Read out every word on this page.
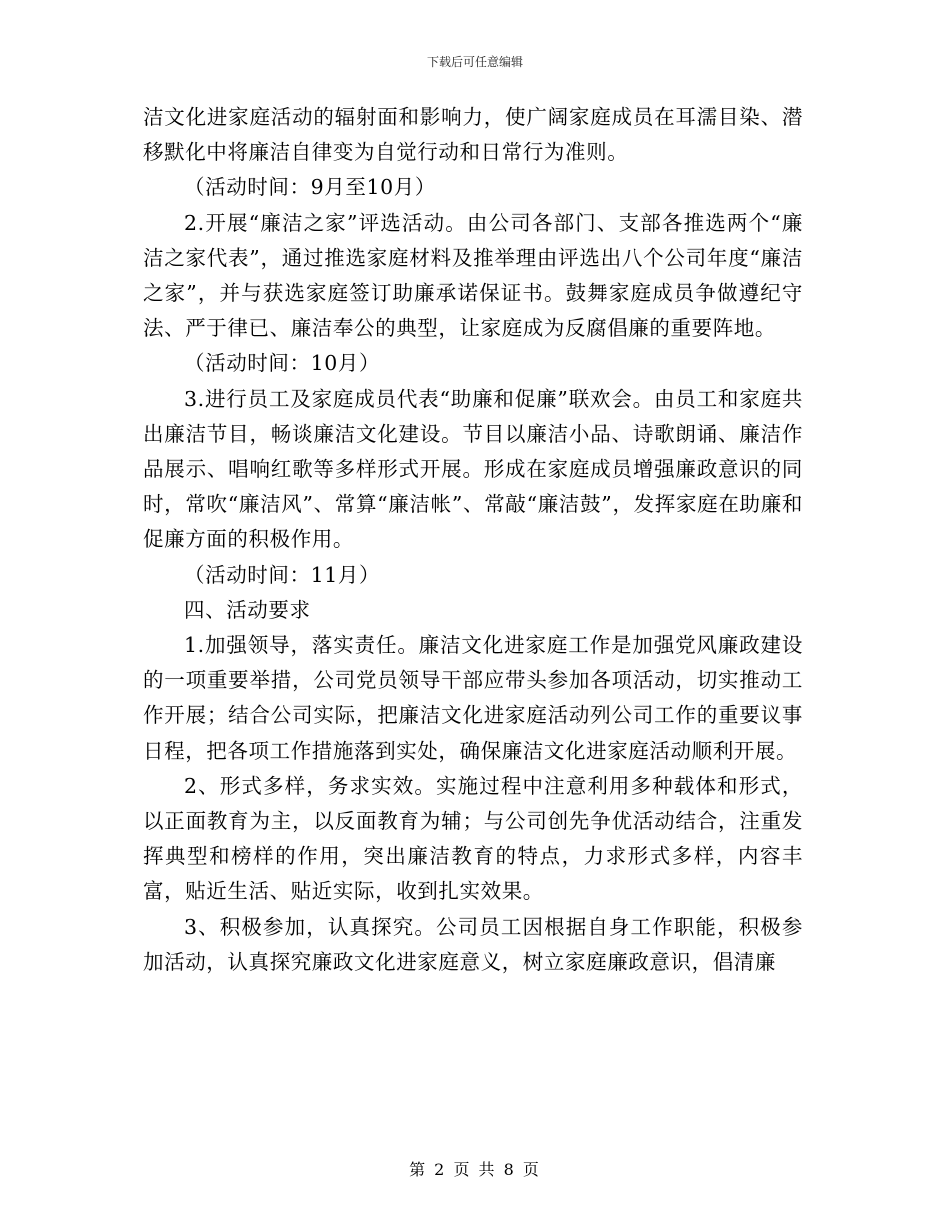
下载后可任意编辑

洁文化进家庭活动的辐射面和影响力，使广阔家庭成员在耳濡目染、潜移默化中将廉洁自律变为自觉行动和日常行为准则。

（活动时间：9月至10月）

2.开展“廉洁之家”评选活动。由公司各部门、支部各推选两个“廉洁之家代表”，通过推选家庭材料及推举理由评选出八个公司年度“廉洁之家”，并与获选家庭签订助廉承诺保证书。鼓舞家庭成员争做遵纪守法、严于律已、廉洁奉公的典型，让家庭成为反腐倡廉的重要阵地。

（活动时间：10月）

3.进行员工及家庭成员代表“助廉和促廉”联欢会。由员工和家庭共出廉洁节目，畅谈廉洁文化建设。节目以廉洁小品、诗歌朗诵、廉洁作品展示、唱响红歌等多样形式开展。形成在家庭成员增强廉政意识的同时，常吹“廉洁风”、常算“廉洁帐”、常敲“廉洁鼓”，发挥家庭在助廉和促廉方面的积极作用。

（活动时间：11月）

四、活动要求

1.加强领导，落实责任。廉洁文化进家庭工作是加强党风廉政建设的一项重要举措，公司党员领导干部应带头参加各项活动，切实推动工作开展；结合公司实际，把廉洁文化进家庭活动列公司工作的重要议事日程，把各项工作措施落到实处，确保廉洁文化进家庭活动顺利开展。

2、形式多样，务求实效。实施过程中注意利用多种载体和形式，以正面教育为主，以反面教育为辅；与公司创先争优活动结合，注重发挥典型和榜样的作用，突出廉洁教育的特点，力求形式多样，内容丰富，贴近生活、贴近实际，收到扎实效果。

3、积极参加，认真探究。公司员工因根据自身工作职能，积极参加活动，认真探究廉政文化进家庭意义，树立家庭廉政意识，倡清廉

第 2 页 共 8 页
